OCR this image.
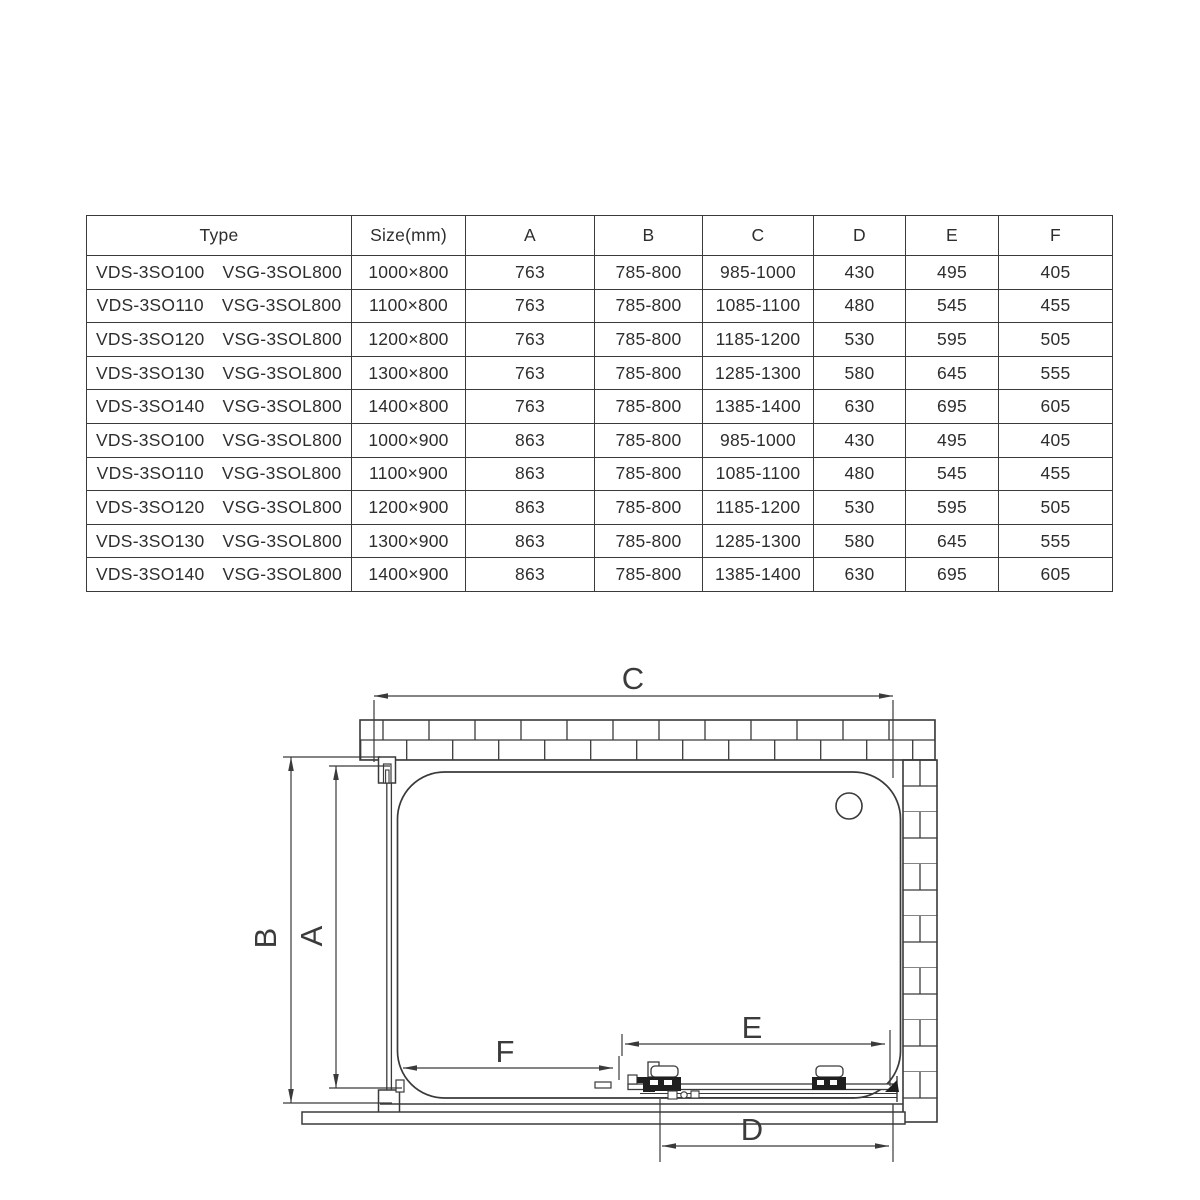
Type	Size(mm)	A	B	C	D	E	F
VDS-3SO100 VSG-3SOL800	1000×800	763	785-800	985-1000	430	495	405
VDS-3SO110 VSG-3SOL800	1100×800	763	785-800	1085-1100	480	545	455
VDS-3SO120 VSG-3SOL800	1200×800	763	785-800	1185-1200	530	595	505
VDS-3SO130 VSG-3SOL800	1300×800	763	785-800	1285-1300	580	645	555
VDS-3SO140 VSG-3SOL800	1400×800	763	785-800	1385-1400	630	695	605
VDS-3SO100 VSG-3SOL800	1000×900	863	785-800	985-1000	430	495	405
VDS-3SO110 VSG-3SOL800	1100×900	863	785-800	1085-1100	480	545	455
VDS-3SO120 VSG-3SOL800	1200×900	863	785-800	1185-1200	530	595	505
VDS-3SO130 VSG-3SOL800	1300×900	863	785-800	1285-1300	580	645	555
VDS-3SO140 VSG-3SOL800	1400×900	863	785-800	1385-1400	630	695	605
C
B A
F
E
D
